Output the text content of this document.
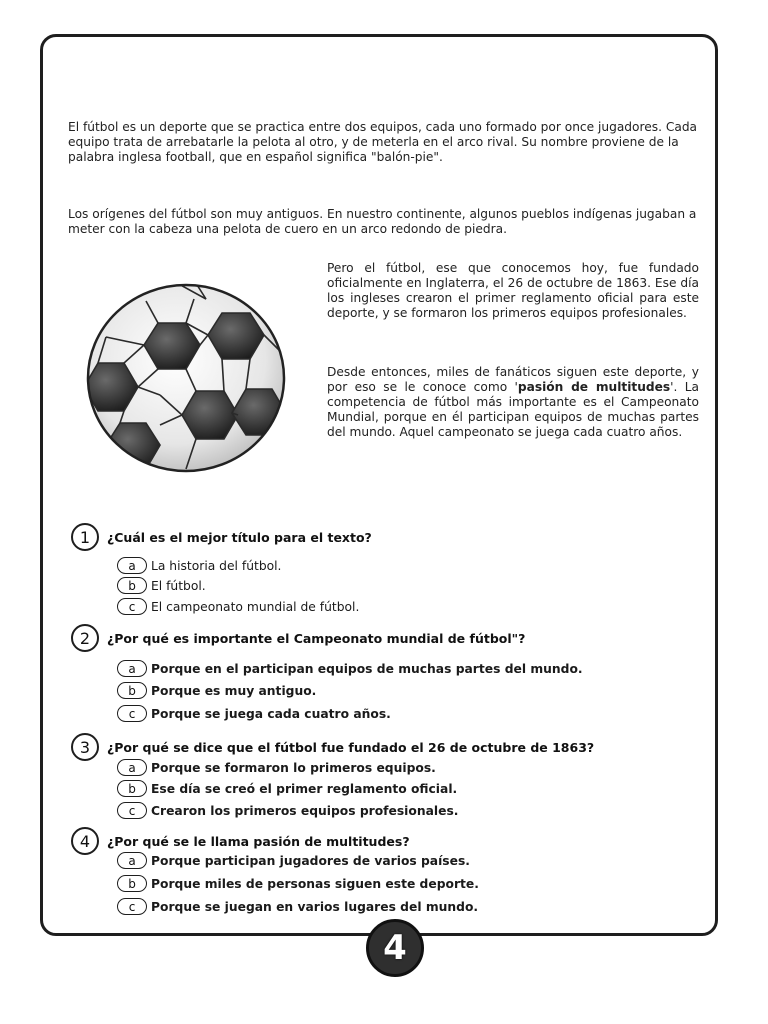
El fútbol es un deporte que se practica entre dos equipos, cada uno formado por once jugadores. Cada equipo trata de arrebatarle la pelota al otro, y de meterla en el arco rival. Su nombre proviene de la palabra inglesa football, que en español significa "balón-pie".

Los orígenes del fútbol son muy antiguos. En nuestro continente, algunos pueblos indígenas jugaban a meter con la cabeza una pelota de cuero en un arco redondo de piedra.

Pero el fútbol, ese que conocemos hoy, fue fundado oficialmente en Inglaterra, el 26 de octubre de 1863. Ese día los ingleses crearon el primer reglamento oficial para este deporte, y se formaron los primeros equipos profesionales.

Desde entonces, miles de fanáticos siguen este deporte, y por eso se le conoce como 'pasión de multitudes'. La competencia de fútbol más importante es el Campeonato Mundial, porque en él participan equipos de muchas partes del mundo. Aquel campeonato se juega cada cuatro años.

1	¿Cuál es el mejor título para el texto?
a	La historia del fútbol.
b	El fútbol.
c	El campeonato mundial de fútbol.
2	¿Por qué es importante el Campeonato mundial de fútbol"?
a	Porque en el participan equipos de muchas partes del mundo.
b	Porque es muy antiguo.
c	Porque se juega cada cuatro años.
3	¿Por qué se dice que el fútbol fue fundado el 26 de octubre de 1863?
a	Porque se formaron lo primeros equipos.
b	Ese día se creó el primer reglamento oficial.
c	Crearon los primeros equipos profesionales.
4	¿Por qué se le llama pasión de multitudes?
a	Porque participan jugadores de varios países.
b	Porque miles de personas siguen este deporte.
c	Porque se juegan en varios lugares del mundo.
4
